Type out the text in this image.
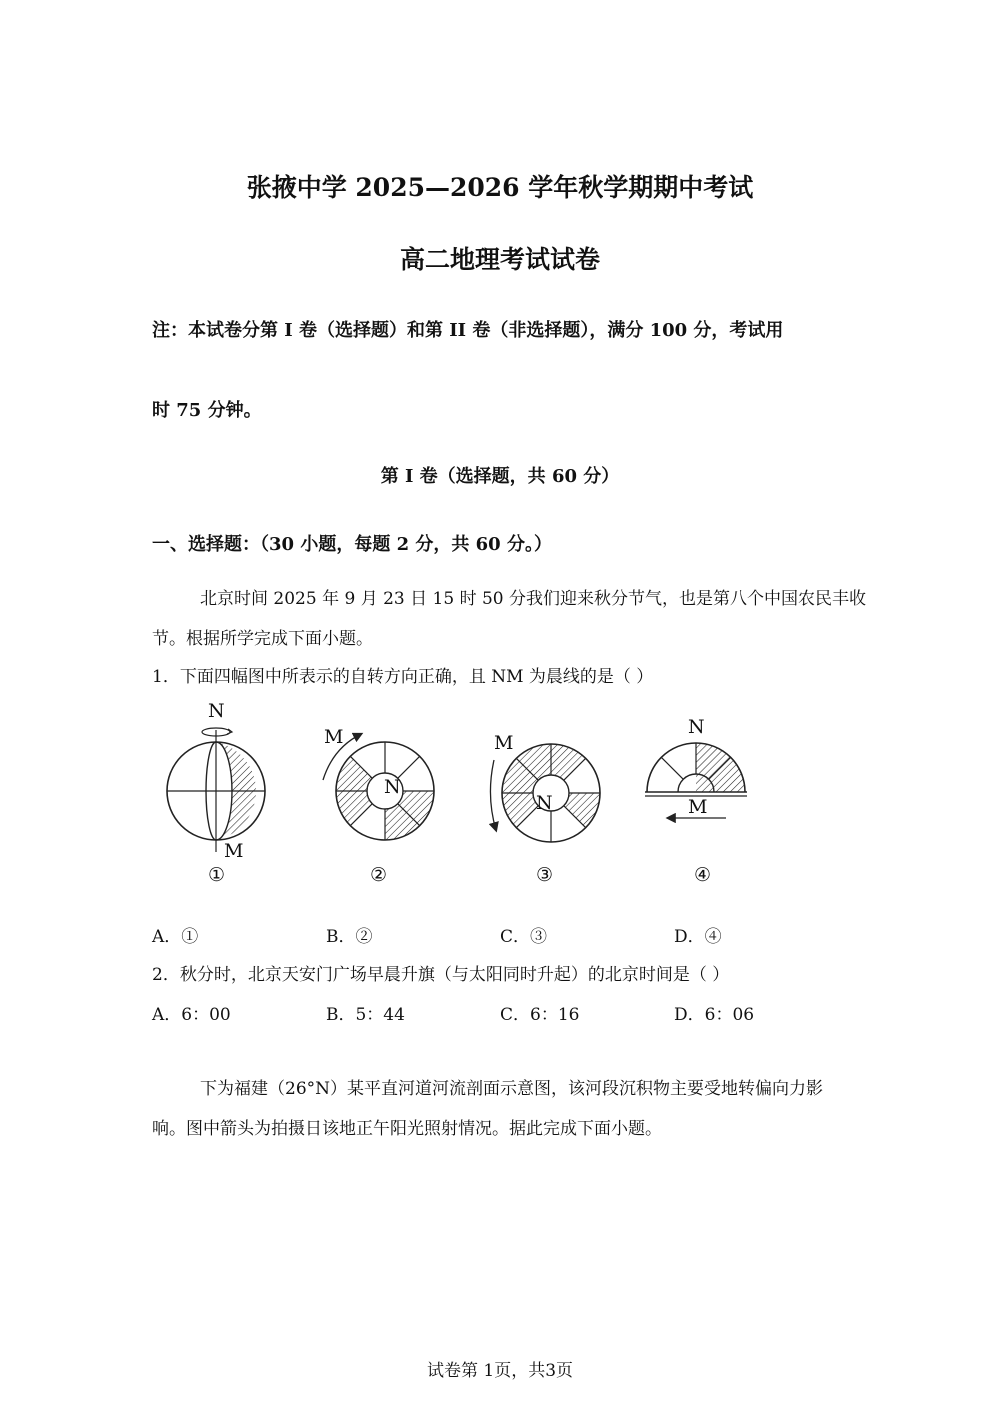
张掖中学 2025—2026 学年秋学期期中考试
高二地理考试试卷
注：本试卷分第 I 卷（选择题）和第 II 卷（非选择题），满分 100 分，考试用
时 75 分钟。
第 I 卷（选择题，共 60 分）
一、选择题：（30 小题，每题 2 分，共 60 分。）
北京时间 2025 年 9 月 23 日 15 时 50 分我们迎来秋分节气，也是第八个中国农民丰收
节。根据所学完成下面小题。
1．下面四幅图中所表示的自转方向正确，且 NM 为晨线的是（ ）
N
M
①
M
N
②
M
N
③
N
M
④
A．①	B．②	C．③	D．④
2．秋分时，北京天安门广场早晨升旗（与太阳同时升起）的北京时间是（ ）
A．6：00	B．5：44	C．6：16	D．6：06
下为福建（26°N）某平直河道河流剖面示意图，该河段沉积物主要受地转偏向力影
响。图中箭头为拍摄日该地正午阳光照射情况。据此完成下面小题。
试卷第 1页，共3页
